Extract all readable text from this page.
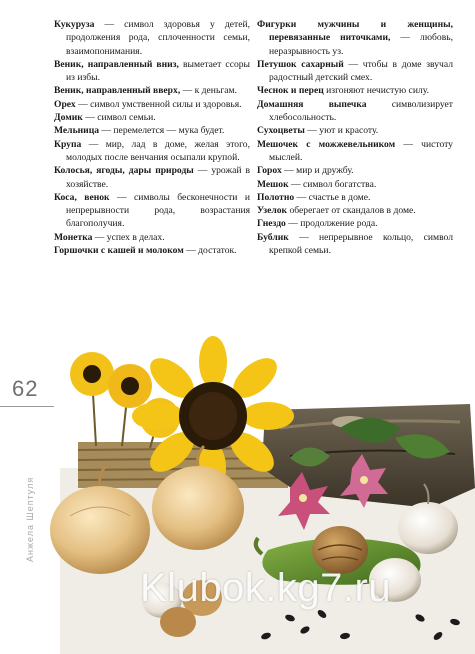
Кукуруза — символ здоровья у детей, продолжения рода, сплоченности семьи, взаимопонимания.
Веник, направленный вниз, выметает ссоры из избы.
Веник, направленный вверх, — к деньгам.
Орех — символ умственной силы и здоровья.
Домик — символ семьи.
Мельница — перемелется — мука будет.
Крупа — мир, лад в доме, желая этого, молодых после венчания осыпали крупой.
Колосья, ягоды, дары природы — урожай в хозяйстве.
Коса, венок — символы бесконечности и непрерывности рода, возрастания благополучия.
Монетка — успех в делах.
Горшочки с кашей и молоком — достаток.
Фигурки мужчины и женщины, перевязанные ниточками, — любовь, неразрывность уз.
Петушок сахарный — чтобы в доме звучал радостный детский смех.
Чеснок и перец изгоняют нечистую силу.
Домашняя выпечка символизирует хлебосольность.
Сухоцветы — уют и красоту.
Мешочек с можжевельником — чистоту мыслей.
Горох — мир и дружбу.
Мешок — символ богатства.
Полотно — счастье в доме.
Узелок оберегает от скандалов в доме.
Гнездо — продолжение рода.
Бублик — непрерывное кольцо, символ крепкой семьи.
62
Анжела Шептуля
Klubok.kg7.ru
